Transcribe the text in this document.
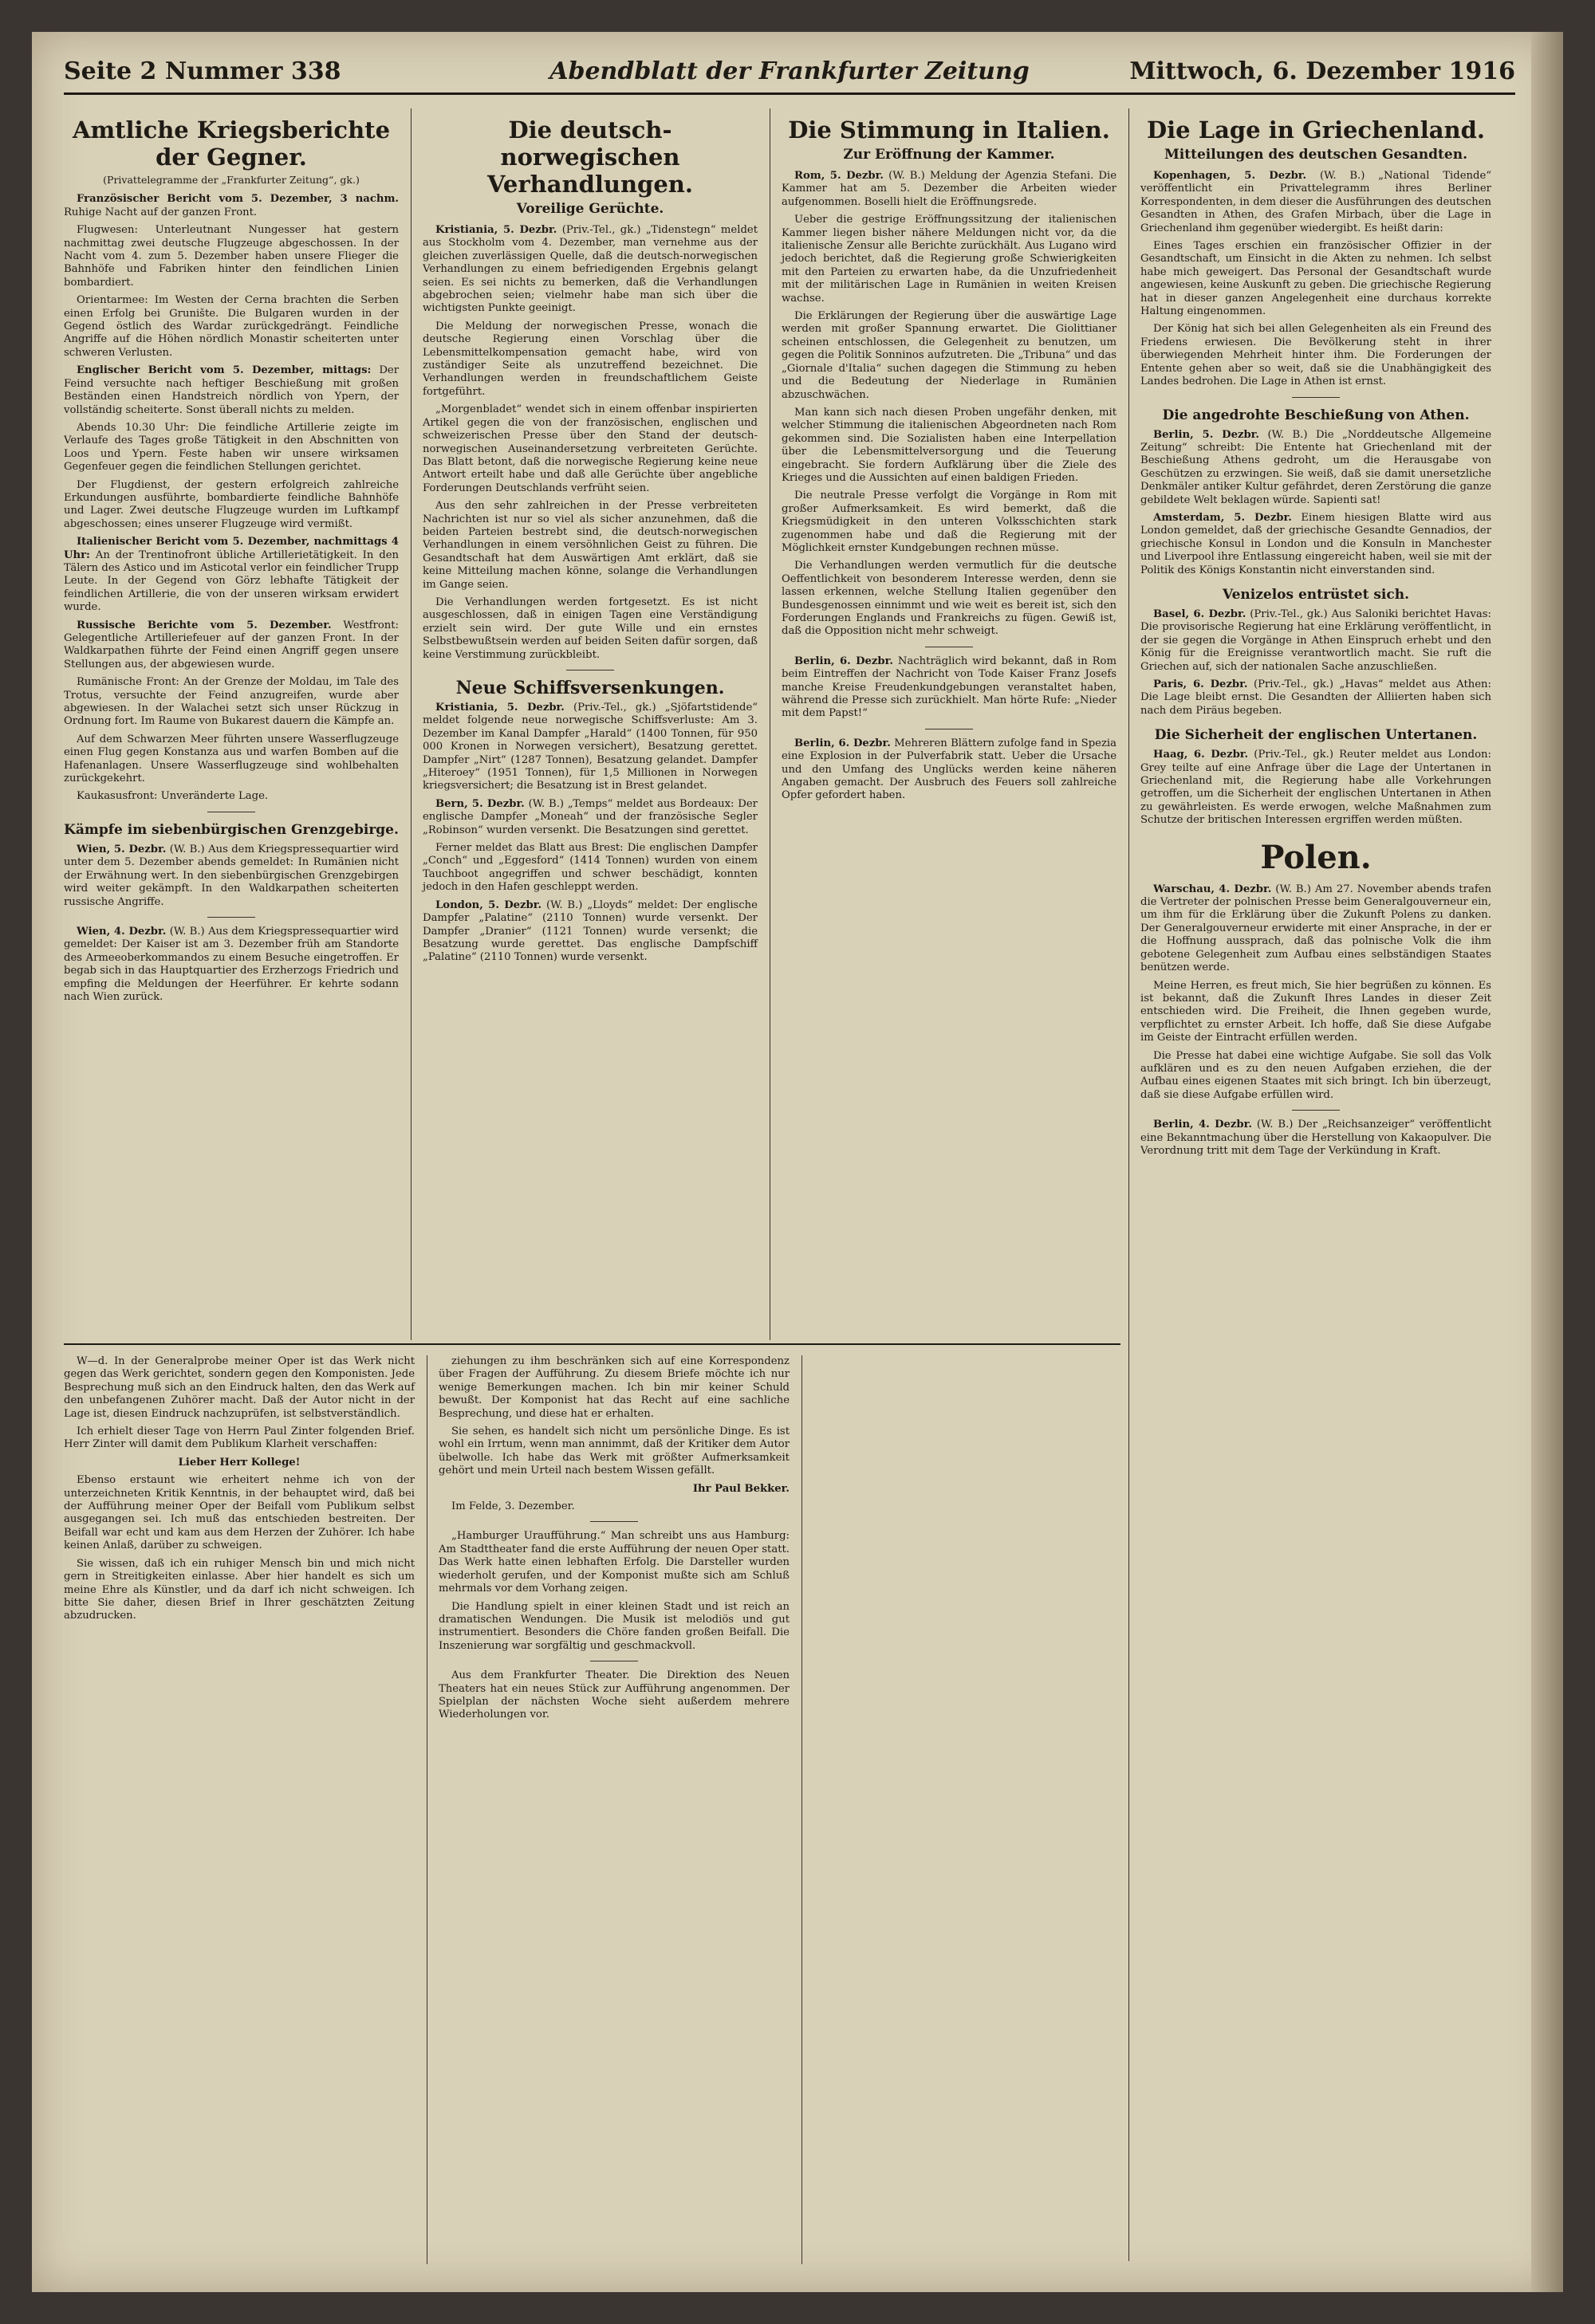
Seite 2 Nummer 338	Abendblatt der Frankfurter Zeitung	Mittwoch, 6. Dezember 1916
Amtliche Kriegsberichte der Gegner.
(Privattelegramme der „Frankfurter Zeitung“, gk.)

Französischer Bericht vom 5. Dezember, 3 nachm. Ruhige Nacht auf der ganzen Front.

Flugwesen: Unterleutnant Nungesser hat gestern nachmittag zwei deutsche Flugzeuge abgeschossen. In der Nacht vom 4. zum 5. Dezember haben unsere Flieger die Bahnhöfe und Fabriken hinter den feindlichen Linien bombardiert.

Orientarmee: Im Westen der Cerna brachten die Serben einen Erfolg bei Grunište. Die Bulgaren wurden in der Gegend östlich des Wardar zurückgedrängt. Feindliche Angriffe auf die Höhen nördlich Monastir scheiterten unter schweren Verlusten.

Englischer Bericht vom 5. Dezember, mittags: Der Feind versuchte nach heftiger Beschießung mit großen Beständen einen Handstreich nördlich von Ypern, der vollständig scheiterte. Sonst überall nichts zu melden.

Abends 10.30 Uhr: Die feindliche Artillerie zeigte im Verlaufe des Tages große Tätigkeit in den Abschnitten von Loos und Ypern. Feste haben wir unsere wirksamen Gegenfeuer gegen die feindlichen Stellungen gerichtet.

Der Flugdienst, der gestern erfolgreich zahlreiche Erkundungen ausführte, bombardierte feindliche Bahnhöfe und Lager. Zwei deutsche Flugzeuge wurden im Luftkampf abgeschossen; eines unserer Flugzeuge wird vermißt.

Italienischer Bericht vom 5. Dezember, nachmittags 4 Uhr: An der Trentinofront übliche Artillerietätigkeit. In den Tälern des Astico und im Asticotal verlor ein feindlicher Trupp Leute. In der Gegend von Görz lebhafte Tätigkeit der feindlichen Artillerie, die von der unseren wirksam erwidert wurde.

Russische Berichte vom 5. Dezember. Westfront: Gelegentliche Artilleriefeuer auf der ganzen Front. In der Waldkarpathen führte der Feind einen Angriff gegen unsere Stellungen aus, der abgewiesen wurde.

Rumänische Front: An der Grenze der Moldau, im Tale des Trotus, versuchte der Feind anzugreifen, wurde aber abgewiesen. In der Walachei setzt sich unser Rückzug in Ordnung fort. Im Raume von Bukarest dauern die Kämpfe an.

Auf dem Schwarzen Meer führten unsere Wasserflugzeuge einen Flug gegen Konstanza aus und warfen Bomben auf die Hafenanlagen. Unsere Wasserflugzeuge sind wohlbehalten zurückgekehrt.

Kaukasusfront: Unveränderte Lage.

Kämpfe im siebenbürgischen Grenzgebirge.

Wien, 5. Dezbr. (W. B.) Aus dem Kriegspressequartier wird unter dem 5. Dezember abends gemeldet: In Rumänien nicht der Erwähnung wert. In den siebenbürgischen Grenzgebirgen wird weiter gekämpft. In den Waldkarpathen scheiterten russische Angriffe.

Wien, 4. Dezbr. (W. B.) Aus dem Kriegspressequartier wird gemeldet: Der Kaiser ist am 3. Dezember früh am Standorte des Armeeoberkommandos zu einem Besuche eingetroffen. Er begab sich in das Hauptquartier des Erzherzogs Friedrich und empfing die Meldungen der Heerführer. Er kehrte sodann nach Wien zurück.

Die deutsch-norwegischen Verhandlungen.
Voreilige Gerüchte.

Kristiania, 5. Dezbr. (Priv.-Tel., gk.) „Tidenstegn“ meldet aus Stockholm vom 4. Dezember, man vernehme aus der gleichen zuverlässigen Quelle, daß die deutsch-norwegischen Verhandlungen zu einem befriedigenden Ergebnis gelangt seien. Es sei nichts zu bemerken, daß die Verhandlungen abgebrochen seien; vielmehr habe man sich über die wichtigsten Punkte geeinigt.

Die Meldung der norwegischen Presse, wonach die deutsche Regierung einen Vorschlag über die Lebensmittelkompensation gemacht habe, wird von zuständiger Seite als unzutreffend bezeichnet. Die Verhandlungen werden in freundschaftlichem Geiste fortgeführt.

„Morgenbladet“ wendet sich in einem offenbar inspirierten Artikel gegen die von der französischen, englischen und schweizerischen Presse über den Stand der deutsch-norwegischen Auseinandersetzung verbreiteten Gerüchte. Das Blatt betont, daß die norwegische Regierung keine neue Antwort erteilt habe und daß alle Gerüchte über angebliche Forderungen Deutschlands verfrüht seien.

Aus den sehr zahlreichen in der Presse verbreiteten Nachrichten ist nur so viel als sicher anzunehmen, daß die beiden Parteien bestrebt sind, die deutsch-norwegischen Verhandlungen in einem versöhnlichen Geist zu führen. Die Gesandtschaft hat dem Auswärtigen Amt erklärt, daß sie keine Mitteilung machen könne, solange die Verhandlungen im Gange seien.

Die Verhandlungen werden fortgesetzt. Es ist nicht ausgeschlossen, daß in einigen Tagen eine Verständigung erzielt sein wird. Der gute Wille und ein ernstes Selbstbewußtsein werden auf beiden Seiten dafür sorgen, daß keine Verstimmung zurückbleibt.

Neue Schiffsversenkungen.

Kristiania, 5. Dezbr. (Priv.-Tel., gk.) „Sjöfartstidende“ meldet folgende neue norwegische Schiffsverluste: Am 3. Dezember im Kanal Dampfer „Harald“ (1400 Tonnen, für 950 000 Kronen in Norwegen versichert), Besatzung gerettet. Dampfer „Nirt“ (1287 Tonnen), Besatzung gelandet. Dampfer „Hiteroey“ (1951 Tonnen), für 1,5 Millionen in Norwegen kriegsversichert; die Besatzung ist in Brest gelandet.

Bern, 5. Dezbr. (W. B.) „Temps“ meldet aus Bordeaux: Der englische Dampfer „Moneah“ und der französische Segler „Robinson“ wurden versenkt. Die Besatzungen sind gerettet.

Ferner meldet das Blatt aus Brest: Die englischen Dampfer „Conch“ und „Eggesford“ (1414 Tonnen) wurden von einem Tauchboot angegriffen und schwer beschädigt, konnten jedoch in den Hafen geschleppt werden.

London, 5. Dezbr. (W. B.) „Lloyds“ meldet: Der englische Dampfer „Palatine“ (2110 Tonnen) wurde versenkt. Der Dampfer „Dranier“ (1121 Tonnen) wurde versenkt; die Besatzung wurde gerettet. Das englische Dampfschiff „Palatine“ (2110 Tonnen) wurde versenkt.

Die Stimmung in Italien.
Zur Eröffnung der Kammer.

Rom, 5. Dezbr. (W. B.) Meldung der Agenzia Stefani. Die Kammer hat am 5. Dezember die Arbeiten wieder aufgenommen. Boselli hielt die Eröffnungsrede.

Ueber die gestrige Eröffnungssitzung der italienischen Kammer liegen bisher nähere Meldungen nicht vor, da die italienische Zensur alle Berichte zurückhält. Aus Lugano wird jedoch berichtet, daß die Regierung große Schwierigkeiten mit den Parteien zu erwarten habe, da die Unzufriedenheit mit der militärischen Lage in Rumänien in weiten Kreisen wachse.

Die Erklärungen der Regierung über die auswärtige Lage werden mit großer Spannung erwartet. Die Giolittianer scheinen entschlossen, die Gelegenheit zu benutzen, um gegen die Politik Sonninos aufzutreten. Die „Tribuna“ und das „Giornale d'Italia“ suchen dagegen die Stimmung zu heben und die Bedeutung der Niederlage in Rumänien abzuschwächen.

Man kann sich nach diesen Proben ungefähr denken, mit welcher Stimmung die italienischen Abgeordneten nach Rom gekommen sind. Die Sozialisten haben eine Interpellation über die Lebensmittelversorgung und die Teuerung eingebracht. Sie fordern Aufklärung über die Ziele des Krieges und die Aussichten auf einen baldigen Frieden.

Die neutrale Presse verfolgt die Vorgänge in Rom mit großer Aufmerksamkeit. Es wird bemerkt, daß die Kriegsmüdigkeit in den unteren Volksschichten stark zugenommen habe und daß die Regierung mit der Möglichkeit ernster Kundgebungen rechnen müsse.

Die Verhandlungen werden vermutlich für die deutsche Oeffentlichkeit von besonderem Interesse werden, denn sie lassen erkennen, welche Stellung Italien gegenüber den Bundesgenossen einnimmt und wie weit es bereit ist, sich den Forderungen Englands und Frankreichs zu fügen. Gewiß ist, daß die Opposition nicht mehr schweigt.

Berlin, 6. Dezbr. Nachträglich wird bekannt, daß in Rom beim Eintreffen der Nachricht von Tode Kaiser Franz Josefs manche Kreise Freudenkundgebungen veranstaltet haben, während die Presse sich zurückhielt. Man hörte Rufe: „Nieder mit dem Papst!“

Berlin, 6. Dezbr. Mehreren Blättern zufolge fand in Spezia eine Explosion in der Pulverfabrik statt. Ueber die Ursache und den Umfang des Unglücks werden keine näheren Angaben gemacht. Der Ausbruch des Feuers soll zahlreiche Opfer gefordert haben.

Die Lage in Griechenland.
Mitteilungen des deutschen Gesandten.

Kopenhagen, 5. Dezbr. (W. B.) „National Tidende“ veröffentlicht ein Privattelegramm ihres Berliner Korrespondenten, in dem dieser die Ausführungen des deutschen Gesandten in Athen, des Grafen Mirbach, über die Lage in Griechenland ihm gegenüber wiedergibt. Es heißt darin:

Eines Tages erschien ein französischer Offizier in der Gesandtschaft, um Einsicht in die Akten zu nehmen. Ich selbst habe mich geweigert. Das Personal der Gesandtschaft wurde angewiesen, keine Auskunft zu geben. Die griechische Regierung hat in dieser ganzen Angelegenheit eine durchaus korrekte Haltung eingenommen.

Der König hat sich bei allen Gelegenheiten als ein Freund des Friedens erwiesen. Die Bevölkerung steht in ihrer überwiegenden Mehrheit hinter ihm. Die Forderungen der Entente gehen aber so weit, daß sie die Unabhängigkeit des Landes bedrohen. Die Lage in Athen ist ernst.

Die angedrohte Beschießung von Athen.

Berlin, 5. Dezbr. (W. B.) Die „Norddeutsche Allgemeine Zeitung“ schreibt: Die Entente hat Griechenland mit der Beschießung Athens gedroht, um die Herausgabe von Geschützen zu erzwingen. Sie weiß, daß sie damit unersetzliche Denkmäler antiker Kultur gefährdet, deren Zerstörung die ganze gebildete Welt beklagen würde. Sapienti sat!

Amsterdam, 5. Dezbr. Einem hiesigen Blatte wird aus London gemeldet, daß der griechische Gesandte Gennadios, der griechische Konsul in London und die Konsuln in Manchester und Liverpool ihre Entlassung eingereicht haben, weil sie mit der Politik des Königs Konstantin nicht einverstanden sind.

Venizelos entrüstet sich.

Basel, 6. Dezbr. (Priv.-Tel., gk.) Aus Saloniki berichtet Havas: Die provisorische Regierung hat eine Erklärung veröffentlicht, in der sie gegen die Vorgänge in Athen Einspruch erhebt und den König für die Ereignisse verantwortlich macht. Sie ruft die Griechen auf, sich der nationalen Sache anzuschließen.

Paris, 6. Dezbr. (Priv.-Tel., gk.) „Havas“ meldet aus Athen: Die Lage bleibt ernst. Die Gesandten der Alliierten haben sich nach dem Piräus begeben.

Die Sicherheit der englischen Untertanen.

Haag, 6. Dezbr. (Priv.-Tel., gk.) Reuter meldet aus London: Grey teilte auf eine Anfrage über die Lage der Untertanen in Griechenland mit, die Regierung habe alle Vorkehrungen getroffen, um die Sicherheit der englischen Untertanen in Athen zu gewährleisten. Es werde erwogen, welche Maßnahmen zum Schutze der britischen Interessen ergriffen werden müßten.

Polen.

Warschau, 4. Dezbr. (W. B.) Am 27. November abends trafen die Vertreter der polnischen Presse beim Generalgouverneur ein, um ihm für die Erklärung über die Zukunft Polens zu danken. Der Generalgouverneur erwiderte mit einer Ansprache, in der er die Hoffnung aussprach, daß das polnische Volk die ihm gebotene Gelegenheit zum Aufbau eines selbständigen Staates benützen werde.

Meine Herren, es freut mich, Sie hier begrüßen zu können. Es ist bekannt, daß die Zukunft Ihres Landes in dieser Zeit entschieden wird. Die Freiheit, die Ihnen gegeben wurde, verpflichtet zu ernster Arbeit. Ich hoffe, daß Sie diese Aufgabe im Geiste der Eintracht erfüllen werden.

Die Presse hat dabei eine wichtige Aufgabe. Sie soll das Volk aufklären und es zu den neuen Aufgaben erziehen, die der Aufbau eines eigenen Staates mit sich bringt. Ich bin überzeugt, daß sie diese Aufgabe erfüllen wird.

Berlin, 4. Dezbr. (W. B.) Der „Reichsanzeiger“ veröffentlicht eine Bekanntmachung über die Herstellung von Kakaopulver. Die Verordnung tritt mit dem Tage der Verkündung in Kraft.

W—d. In der Generalprobe meiner Oper ist das Werk nicht gegen das Werk gerichtet, sondern gegen den Komponisten. Jede Besprechung muß sich an den Eindruck halten, den das Werk auf den unbefangenen Zuhörer macht. Daß der Autor nicht in der Lage ist, diesen Eindruck nachzuprüfen, ist selbstverständlich.

Ich erhielt dieser Tage von Herrn Paul Zinter folgenden Brief. Herr Zinter will damit dem Publikum Klarheit verschaffen:

Lieber Herr Kollege!

Ebenso erstaunt wie erheitert nehme ich von der unterzeichneten Kritik Kenntnis, in der behauptet wird, daß bei der Aufführung meiner Oper der Beifall vom Publikum selbst ausgegangen sei. Ich muß das entschieden bestreiten. Der Beifall war echt und kam aus dem Herzen der Zuhörer. Ich habe keinen Anlaß, darüber zu schweigen.

Sie wissen, daß ich ein ruhiger Mensch bin und mich nicht gern in Streitigkeiten einlasse. Aber hier handelt es sich um meine Ehre als Künstler, und da darf ich nicht schweigen. Ich bitte Sie daher, diesen Brief in Ihrer geschätzten Zeitung abzudrucken.

ziehungen zu ihm beschränken sich auf eine Korrespondenz über Fragen der Aufführung. Zu diesem Briefe möchte ich nur wenige Bemerkungen machen. Ich bin mir keiner Schuld bewußt. Der Komponist hat das Recht auf eine sachliche Besprechung, und diese hat er erhalten.

Sie sehen, es handelt sich nicht um persönliche Dinge. Es ist wohl ein Irrtum, wenn man annimmt, daß der Kritiker dem Autor übelwolle. Ich habe das Werk mit größter Aufmerksamkeit gehört und mein Urteil nach bestem Wissen gefällt.

Ihr Paul Bekker.

Im Felde, 3. Dezember.

„Hamburger Uraufführung.“ Man schreibt uns aus Hamburg: Am Stadttheater fand die erste Aufführung der neuen Oper statt. Das Werk hatte einen lebhaften Erfolg. Die Darsteller wurden wiederholt gerufen, und der Komponist mußte sich am Schluß mehrmals vor dem Vorhang zeigen.

Die Handlung spielt in einer kleinen Stadt und ist reich an dramatischen Wendungen. Die Musik ist melodiös und gut instrumentiert. Besonders die Chöre fanden großen Beifall. Die Inszenierung war sorgfältig und geschmackvoll.

Aus dem Frankfurter Theater. Die Direktion des Neuen Theaters hat ein neues Stück zur Aufführung angenommen. Der Spielplan der nächsten Woche sieht außerdem mehrere Wiederholungen vor.
